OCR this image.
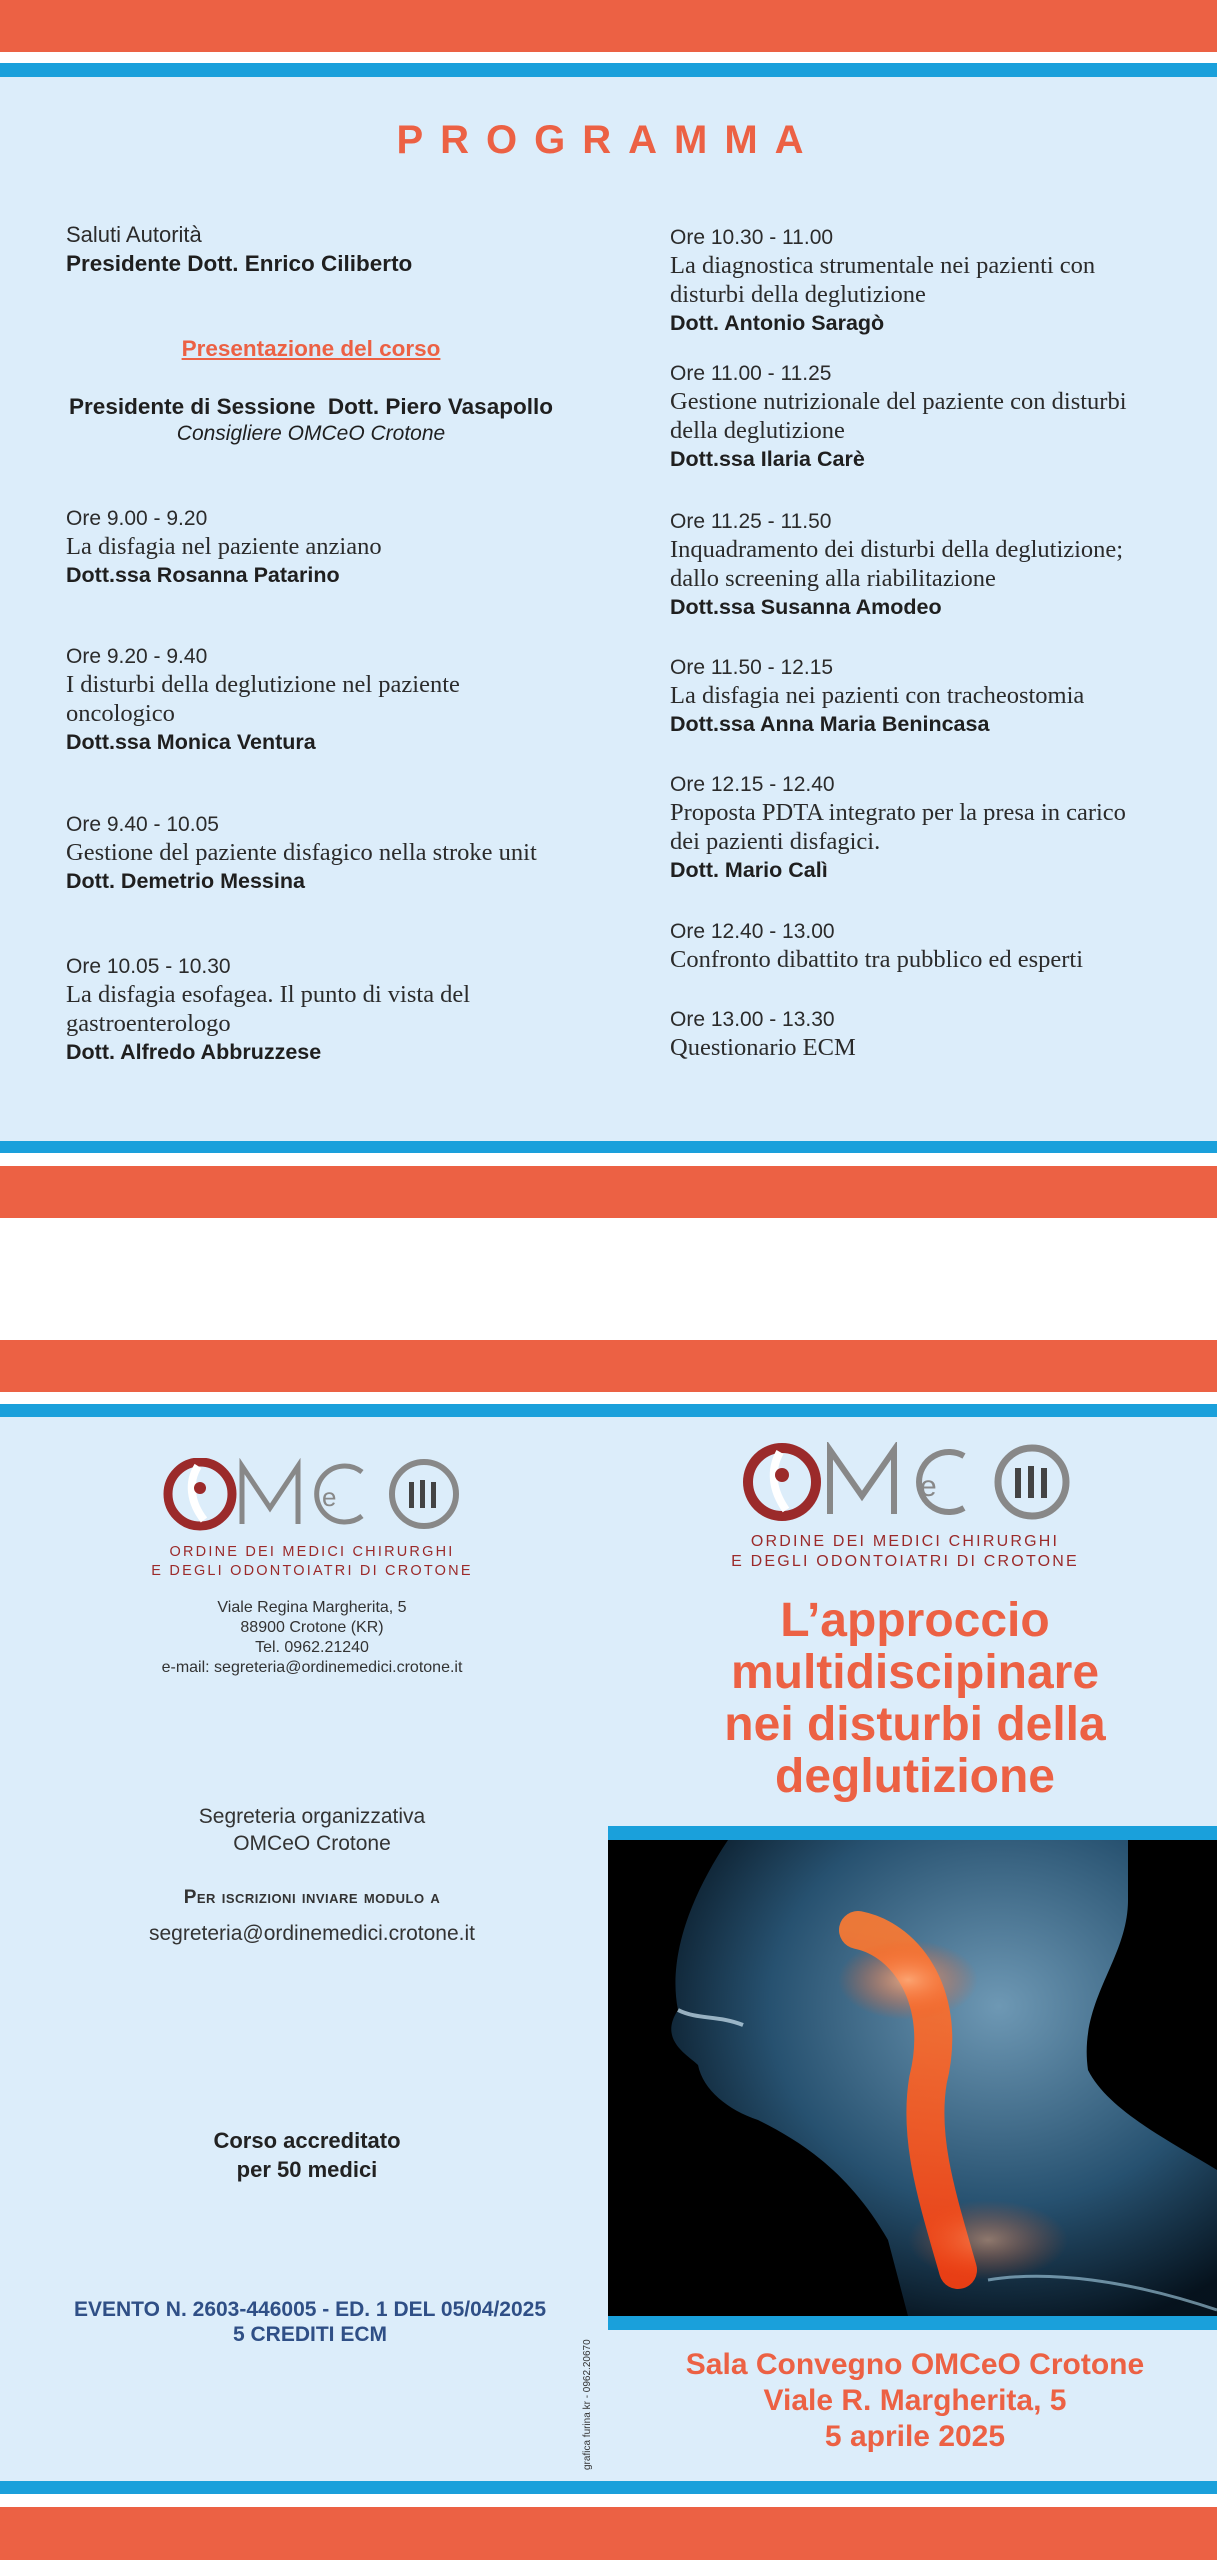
PROGRAMMA
Saluti Autorità
Presidente Dott. Enrico Ciliberto
Presentazione del corso
Presidente di Sessione  Dott. Piero Vasapollo
Consigliere OMCeO Crotone
Ore 9.00 - 9.20
La disfagia nel paziente anziano
Dott.ssa Rosanna Patarino
Ore 9.20 - 9.40
I disturbi della deglutizione nel paziente
oncologico
Dott.ssa Monica Ventura
Ore 9.40 - 10.05
Gestione del paziente disfagico nella stroke unit
Dott. Demetrio Messina
Ore 10.05 - 10.30
La disfagia esofagea. Il punto di vista del
gastroenterologo
Dott. Alfredo Abbruzzese
Ore 10.30 - 11.00
La diagnostica strumentale nei pazienti con
disturbi della deglutizione
Dott. Antonio Saragò
Ore 11.00 - 11.25
Gestione nutrizionale del paziente con disturbi
della deglutizione
Dott.ssa Ilaria Carè
Ore 11.25 - 11.50
Inquadramento dei disturbi della deglutizione;
dallo screening alla riabilitazione
Dott.ssa Susanna Amodeo
Ore 11.50 - 12.15
La disfagia nei pazienti con tracheostomia
Dott.ssa Anna Maria Benincasa
Ore 12.15 - 12.40
Proposta PDTA integrato per la presa in carico
dei pazienti disfagici.
Dott. Mario Calì
Ore 12.40 - 13.00
Confronto dibattito tra pubblico ed esperti
Ore 13.00 - 13.30
Questionario ECM
e
ORDINE DEI MEDICI CHIRURGHI
E DEGLI ODONTOIATRI DI CROTONE
Viale Regina Margherita, 5
88900 Crotone (KR)
Tel. 0962.21240
e-mail: segreteria@ordinemedici.crotone.it
Segreteria organizzativa
OMCeO Crotone
Per iscrizioni inviare modulo a
segreteria@ordinemedici.crotone.it
Corso accreditato
per 50 medici
EVENTO N. 2603-446005 - ED. 1 DEL 05/04/2025
5 CREDITI ECM
grafica furina kr - 0962.20670
e
ORDINE DEI MEDICI CHIRURGHI
E DEGLI ODONTOIATRI DI CROTONE
L’approccio
multidiscipinare
nei disturbi della
deglutizione
Sala Convegno OMCeO Crotone
Viale R. Margherita, 5
5 aprile 2025
